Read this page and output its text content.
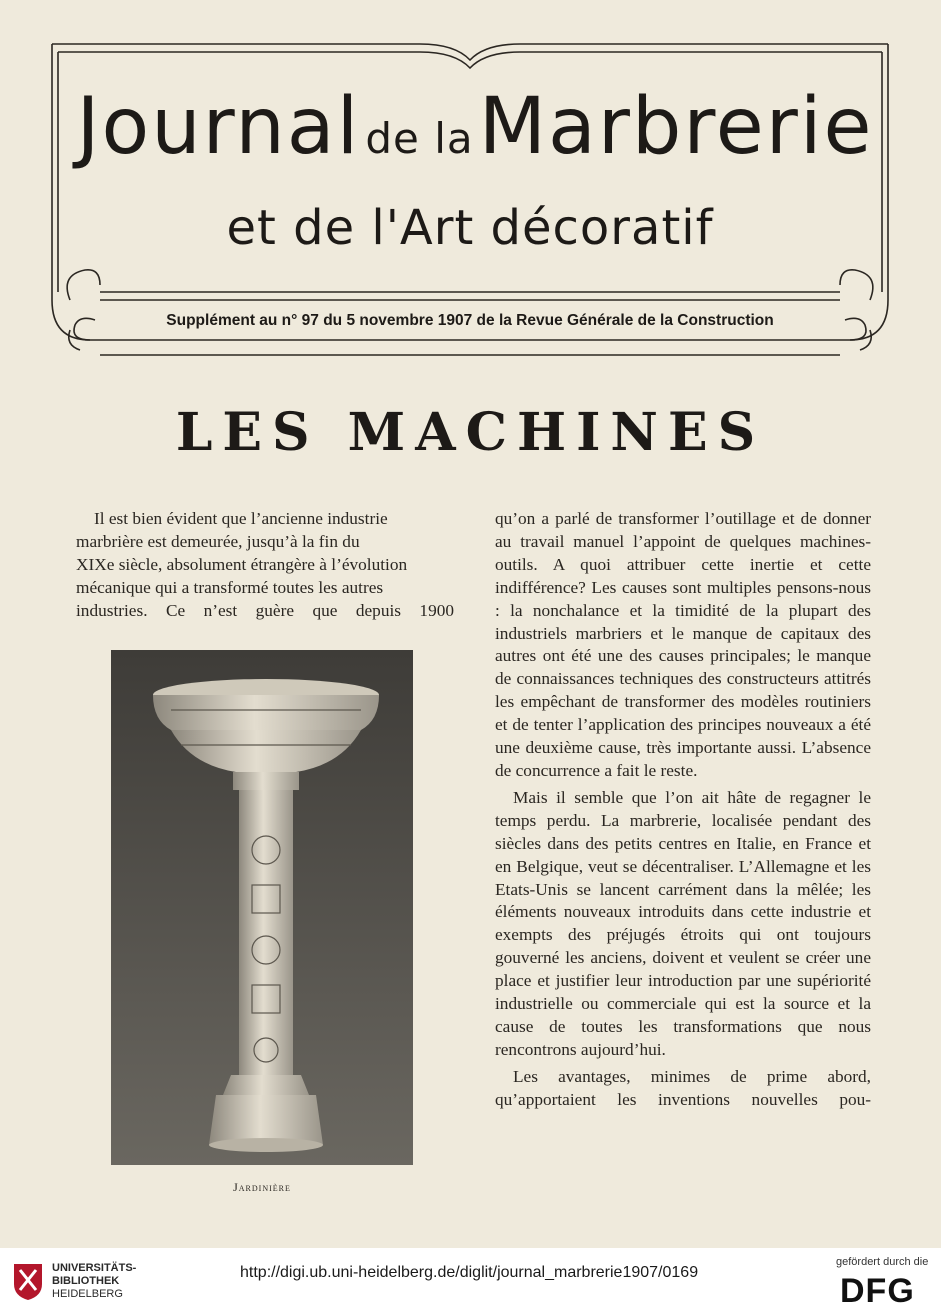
Journal de la Marbrerie
et de l'Art décoratif
Supplément au n° 97 du 5 novembre 1907 de la Revue Générale de la Construction
LES MACHINES

Il est bien évident que l’ancienne industrie

marbrière est demeurée, jusqu’à la fin du

XIXe siècle, absolument étrangère à l’évolution

mécanique qui a transformé toutes les autres

industries. Ce n’est guère que depuis 1900

Jardinière

qu’on a parlé de transformer l’outillage et de donner au travail manuel l’appoint de quelques machines-outils. A quoi attribuer cette inertie et cette indifférence? Les causes sont multiples pensons-nous : la nonchalance et la timidité de la plupart des industriels marbriers et le manque de capitaux des autres ont été une des causes principales; le manque de connaissances techniques des constructeurs attitrés les empêchant de transformer des modèles routiniers et de tenter l’application des principes nouveaux a été une deuxième cause, très importante aussi. L’absence de concurrence a fait le reste.

Mais il semble que l’on ait hâte de regagner le temps perdu. La marbrerie, localisée pendant des siècles dans des petits centres en Italie, en France et en Belgique, veut se décentraliser. L’Allemagne et les Etats-Unis se lancent carrément dans la mêlée; les éléments nouveaux introduits dans cette industrie et exempts des préjugés étroits qui ont toujours gouverné les anciens, doivent et veulent se créer une place et justifier leur introduction par une supériorité industrielle ou commerciale qui est la source et la cause de toutes les transformations que nous rencontrons aujourd’hui.

Les avantages, minimes de prime abord, qu’apportaient les inventions nouvelles pou-

UNIVERSITÄTS-
BIBLIOTHEK
HEIDELBERG
http://digi.ub.uni-heidelberg.de/diglit/journal_marbrerie1907/0169
gefördert durch die
DFG
